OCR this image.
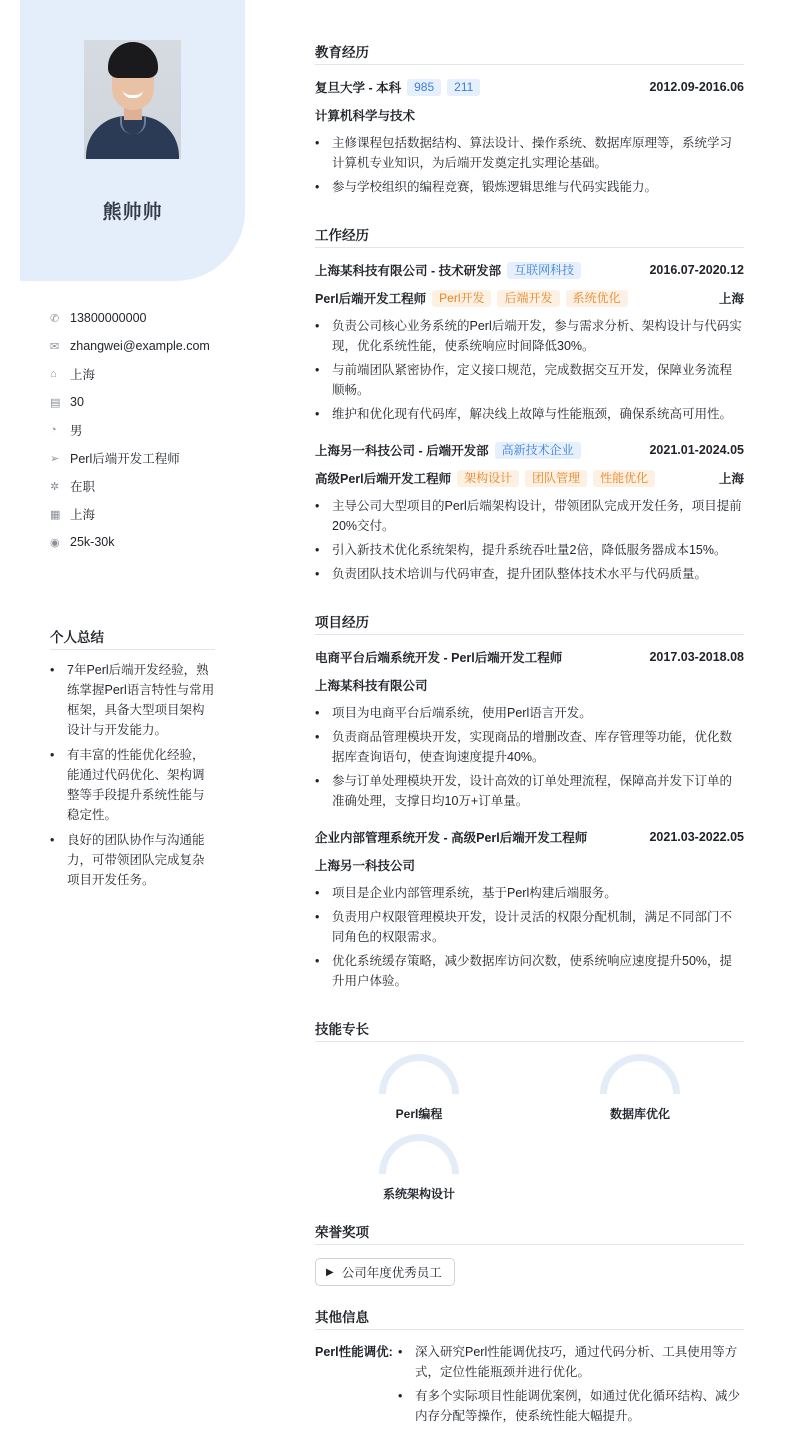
熊帅帅
✆ 13800000000
✉ zhangwei@example.com
⌂	上海
▤ 30
◔	男
➢ Perl后端开发工程师
✲ 在职
▦ 上海
◉ 25k-30k
个人总结
• 7年Perl后端开发经验，熟练掌握Perl语言特性与常用框架，具备大型项目架构设计与开发能力。
• 有丰富的性能优化经验，能通过代码优化、架构调整等手段提升系统性能与稳定性。
• 良好的团队协作与沟通能力，可带领团队完成复杂项目开发任务。
教育经历
复旦大学 - 本科	985	211	2012.09-2016.06
计算机科学与技术
• 主修课程包括数据结构、算法设计、操作系统、数据库原理等，系统学习计算机专业知识，为后端开发奠定扎实理论基础。
• 参与学校组织的编程竞赛，锻炼逻辑思维与代码实践能力。
工作经历
上海某科技有限公司 - 技术研发部	互联网科技	2016.07-2020.12
Perl后端开发工程师	Perl开发	后端开发	系统优化	上海
• 负责公司核心业务系统的Perl后端开发，参与需求分析、架构设计与代码实现，优化系统性能，使系统响应时间降低30%。
• 与前端团队紧密协作，定义接口规范，完成数据交互开发，保障业务流程顺畅。
• 维护和优化现有代码库，解决线上故障与性能瓶颈，确保系统高可用性。
上海另一科技公司 - 后端开发部	高新技术企业	2021.01-2024.05
高级Perl后端开发工程师	架构设计	团队管理	性能优化	上海
• 主导公司大型项目的Perl后端架构设计，带领团队完成开发任务，项目提前20%交付。
• 引入新技术优化系统架构，提升系统吞吐量2倍，降低服务器成本15%。
• 负责团队技术培训与代码审查，提升团队整体技术水平与代码质量。
项目经历
电商平台后端系统开发 - Perl后端开发工程师	2017.03-2018.08
上海某科技有限公司
• 项目为电商平台后端系统，使用Perl语言开发。
• 负责商品管理模块开发，实现商品的增删改查、库存管理等功能，优化数据库查询语句，使查询速度提升40%。
• 参与订单处理模块开发，设计高效的订单处理流程，保障高并发下订单的准确处理，支撑日均10万+订单量。
企业内部管理系统开发 - 高级Perl后端开发工程师	2021.03-2022.05
上海另一科技公司
• 项目是企业内部管理系统，基于Perl构建后端服务。
• 负责用户权限管理模块开发，设计灵活的权限分配机制，满足不同部门不同角色的权限需求。
• 优化系统缓存策略，减少数据库访问次数，使系统响应速度提升50%，提升用户体验。
技能专长
Perl编程	数据库优化
系统架构设计
荣誉奖项
▶ 公司年度优秀员工
其他信息
Perl性能调优:
•	深入研究Perl性能调优技巧，通过代码分析、工具使用等方式，定位性能瓶颈并进行优化。
• 有多个实际项目性能调优案例，如通过优化循环结构、减少内存分配等操作，使系统性能大幅提升。
